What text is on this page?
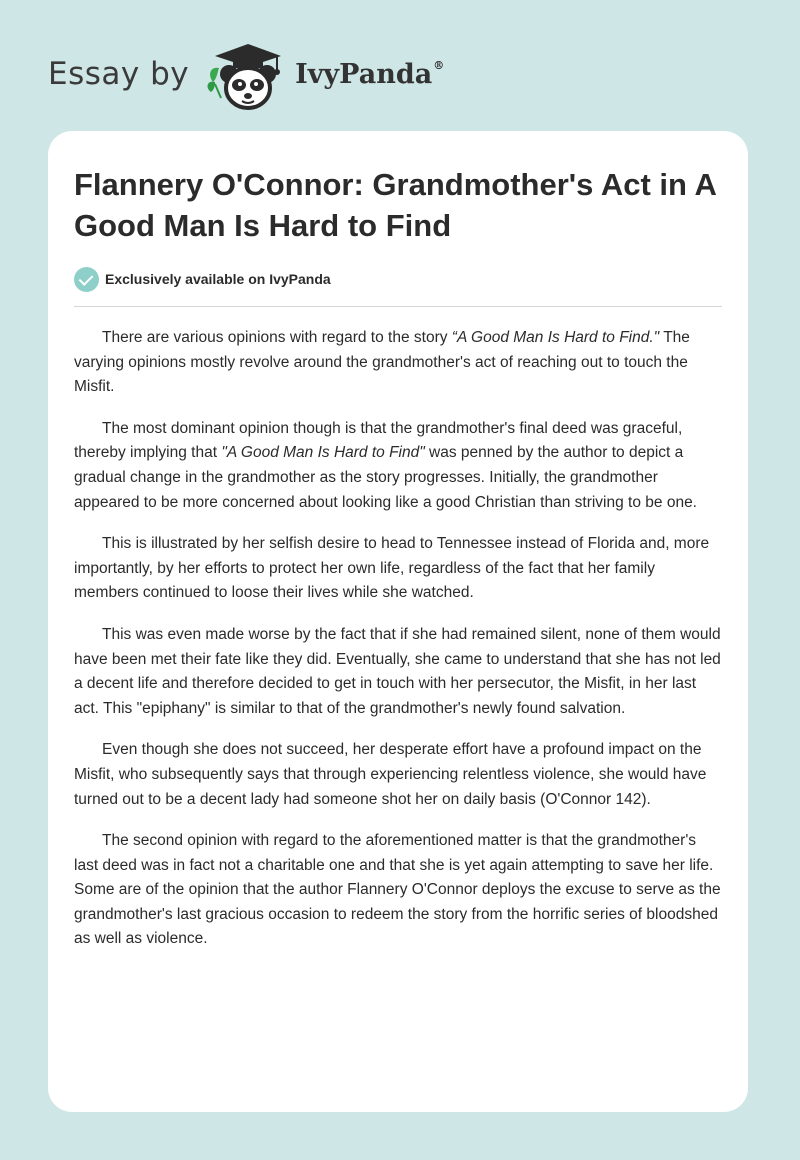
Essay by	IvyPanda®
Flannery O'Connor: Grandmother's Act in A Good Man Is Hard to Find
Exclusively available on IvyPanda

There are various opinions with regard to the story “A Good Man Is Hard to Find." The varying opinions mostly revolve around the grandmother's act of reaching out to touch the Misfit.

The most dominant opinion though is that the grandmother's final deed was graceful, thereby implying that "A Good Man Is Hard to Find" was penned by the author to depict a gradual change in the grandmother as the story progresses. Initially, the grandmother appeared to be more concerned about looking like a good Christian than striving to be one.

This is illustrated by her selfish desire to head to Tennessee instead of Florida and, more importantly, by her efforts to protect her own life, regardless of the fact that her family members continued to loose their lives while she watched.

This was even made worse by the fact that if she had remained silent, none of them would have been met their fate like they did. Eventually, she came to understand that she has not led a decent life and therefore decided to get in touch with her persecutor, the Misfit, in her last act. This "epiphany" is similar to that of the grandmother's newly found salvation.

Even though she does not succeed, her desperate effort have a profound impact on the Misfit, who subsequently says that through experiencing relentless violence, she would have turned out to be a decent lady had someone shot her on daily basis (O'Connor 142).

The second opinion with regard to the aforementioned matter is that the grandmother's last deed was in fact not a charitable one and that she is yet again attempting to save her life. Some are of the opinion that the author Flannery O'Connor deploys the excuse to serve as the grandmother's last gracious occasion to redeem the story from the horrific series of bloodshed as well as violence.
